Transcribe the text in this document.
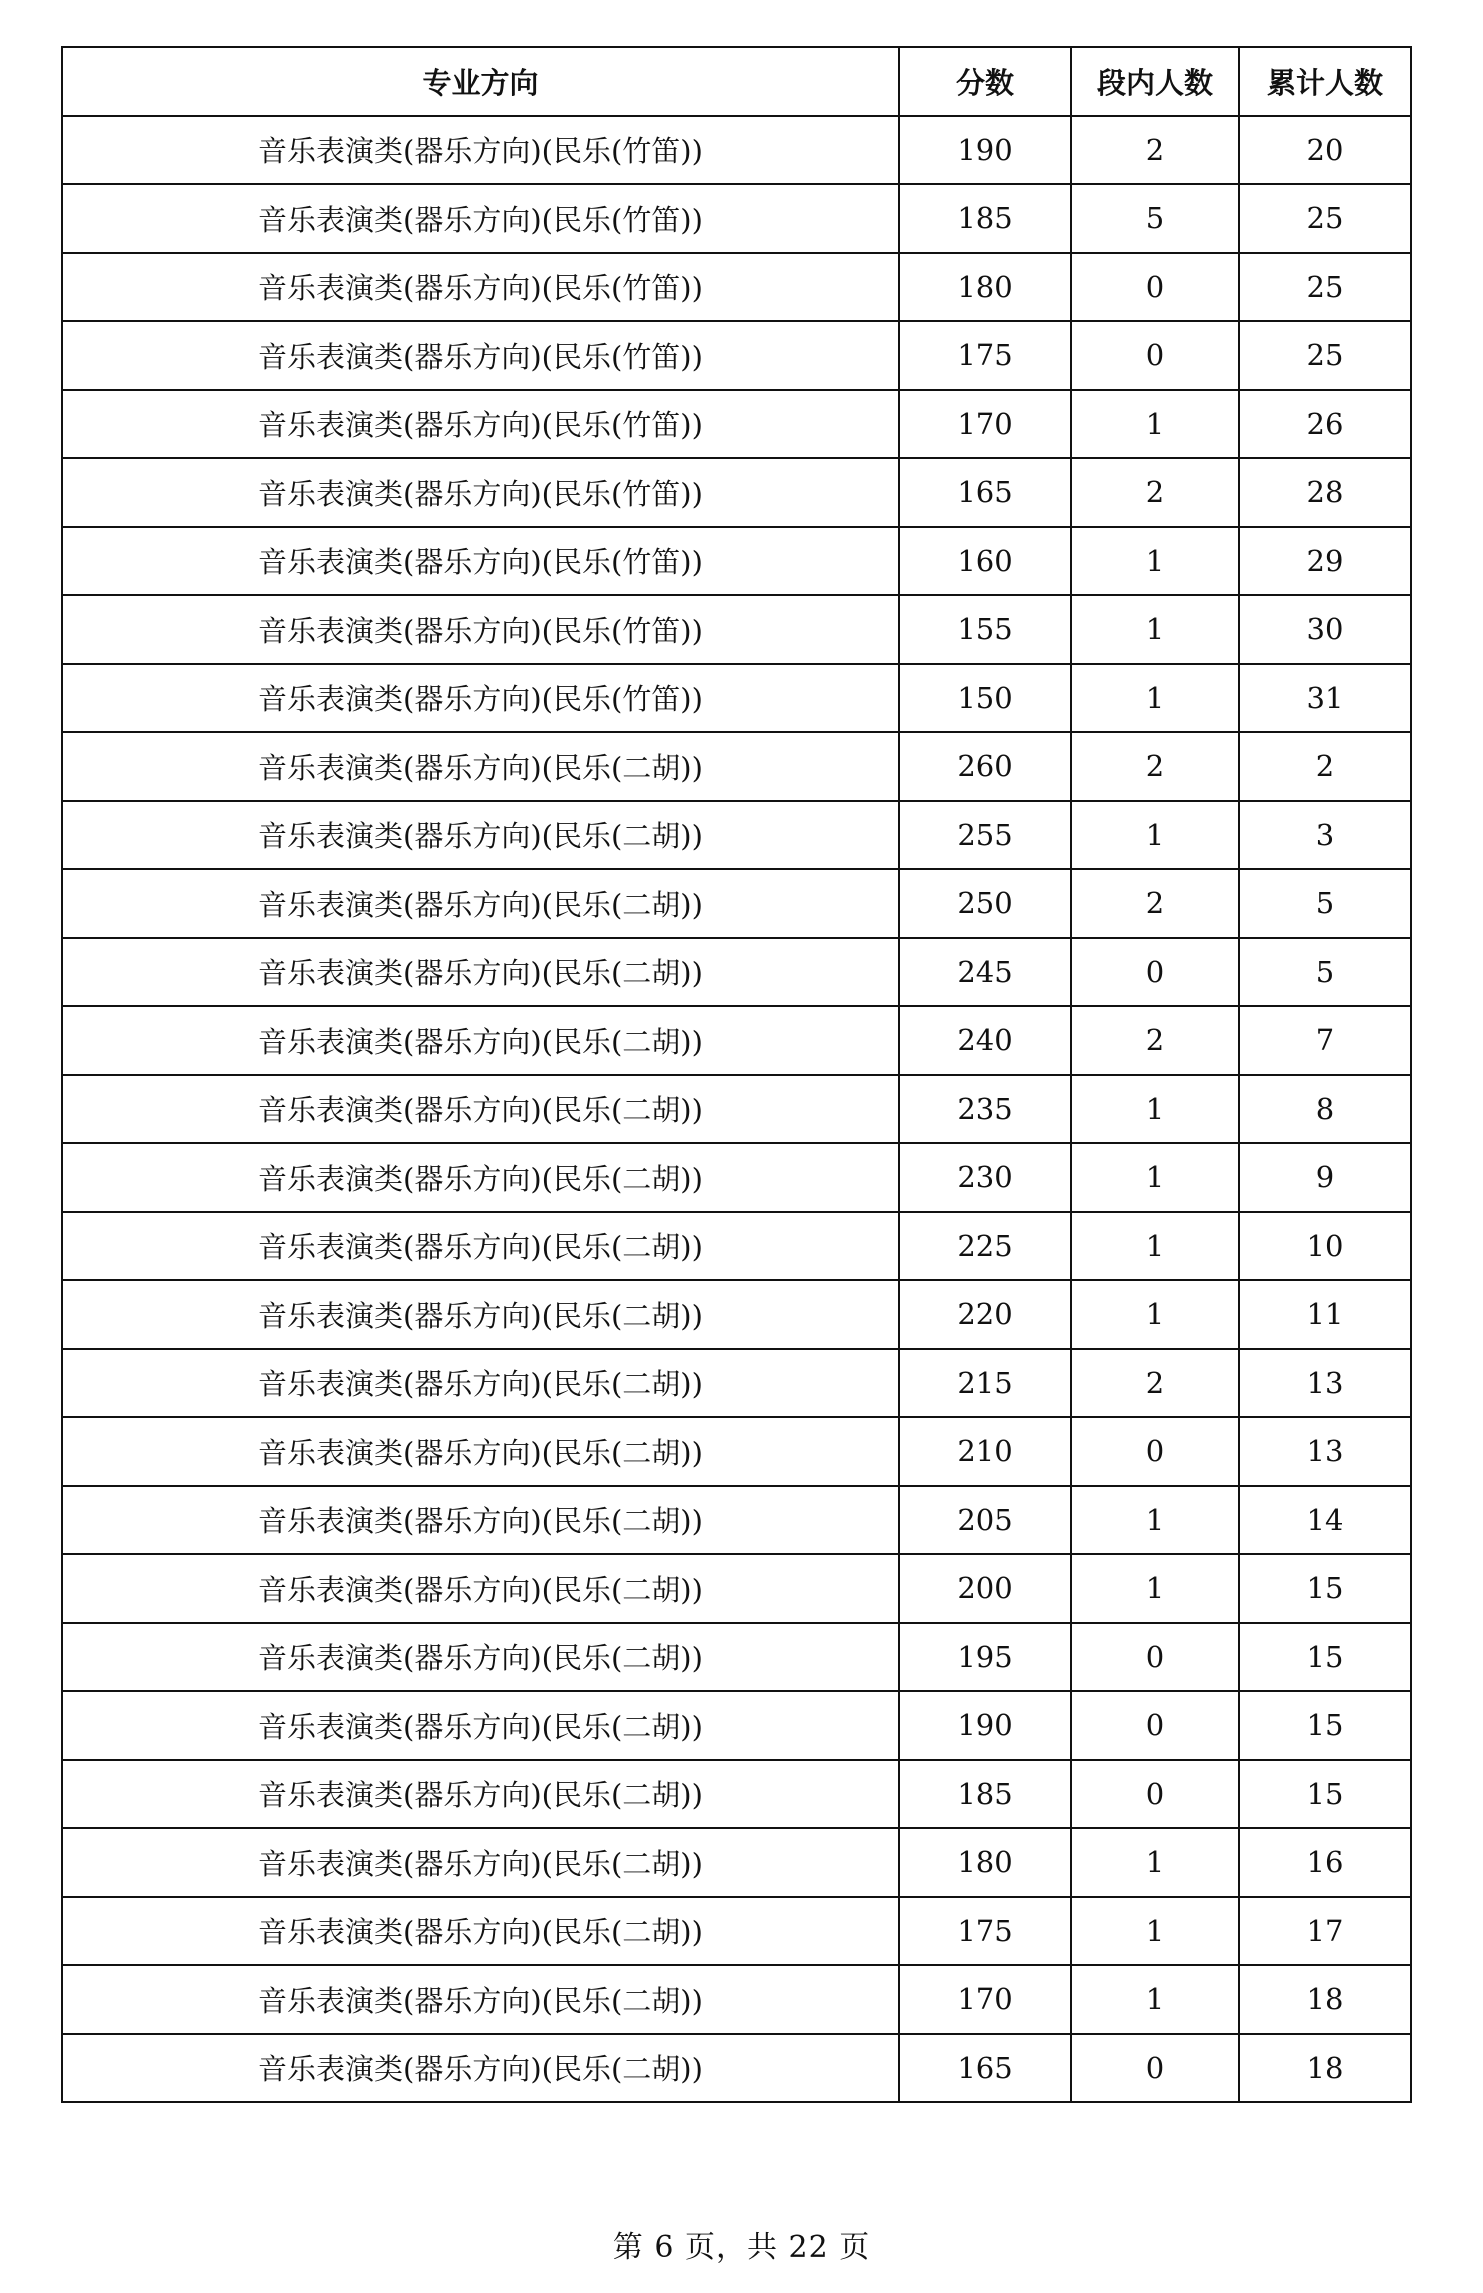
专业方向	分数	段内人数	累计人数
音乐表演类(器乐方向)(民乐(竹笛))	190	2	20
音乐表演类(器乐方向)(民乐(竹笛))	185	5	25
音乐表演类(器乐方向)(民乐(竹笛))	180	0	25
音乐表演类(器乐方向)(民乐(竹笛))	175	0	25
音乐表演类(器乐方向)(民乐(竹笛))	170	1	26
音乐表演类(器乐方向)(民乐(竹笛))	165	2	28
音乐表演类(器乐方向)(民乐(竹笛))	160	1	29
音乐表演类(器乐方向)(民乐(竹笛))	155	1	30
音乐表演类(器乐方向)(民乐(竹笛))	150	1	31
音乐表演类(器乐方向)(民乐(二胡))	260	2	2
音乐表演类(器乐方向)(民乐(二胡))	255	1	3
音乐表演类(器乐方向)(民乐(二胡))	250	2	5
音乐表演类(器乐方向)(民乐(二胡))	245	0	5
音乐表演类(器乐方向)(民乐(二胡))	240	2	7
音乐表演类(器乐方向)(民乐(二胡))	235	1	8
音乐表演类(器乐方向)(民乐(二胡))	230	1	9
音乐表演类(器乐方向)(民乐(二胡))	225	1	10
音乐表演类(器乐方向)(民乐(二胡))	220	1	11
音乐表演类(器乐方向)(民乐(二胡))	215	2	13
音乐表演类(器乐方向)(民乐(二胡))	210	0	13
音乐表演类(器乐方向)(民乐(二胡))	205	1	14
音乐表演类(器乐方向)(民乐(二胡))	200	1	15
音乐表演类(器乐方向)(民乐(二胡))	195	0	15
音乐表演类(器乐方向)(民乐(二胡))	190	0	15
音乐表演类(器乐方向)(民乐(二胡))	185	0	15
音乐表演类(器乐方向)(民乐(二胡))	180	1	16
音乐表演类(器乐方向)(民乐(二胡))	175	1	17
音乐表演类(器乐方向)(民乐(二胡))	170	1	18
音乐表演类(器乐方向)(民乐(二胡))	165	0	18
第 6 页，共 22 页
